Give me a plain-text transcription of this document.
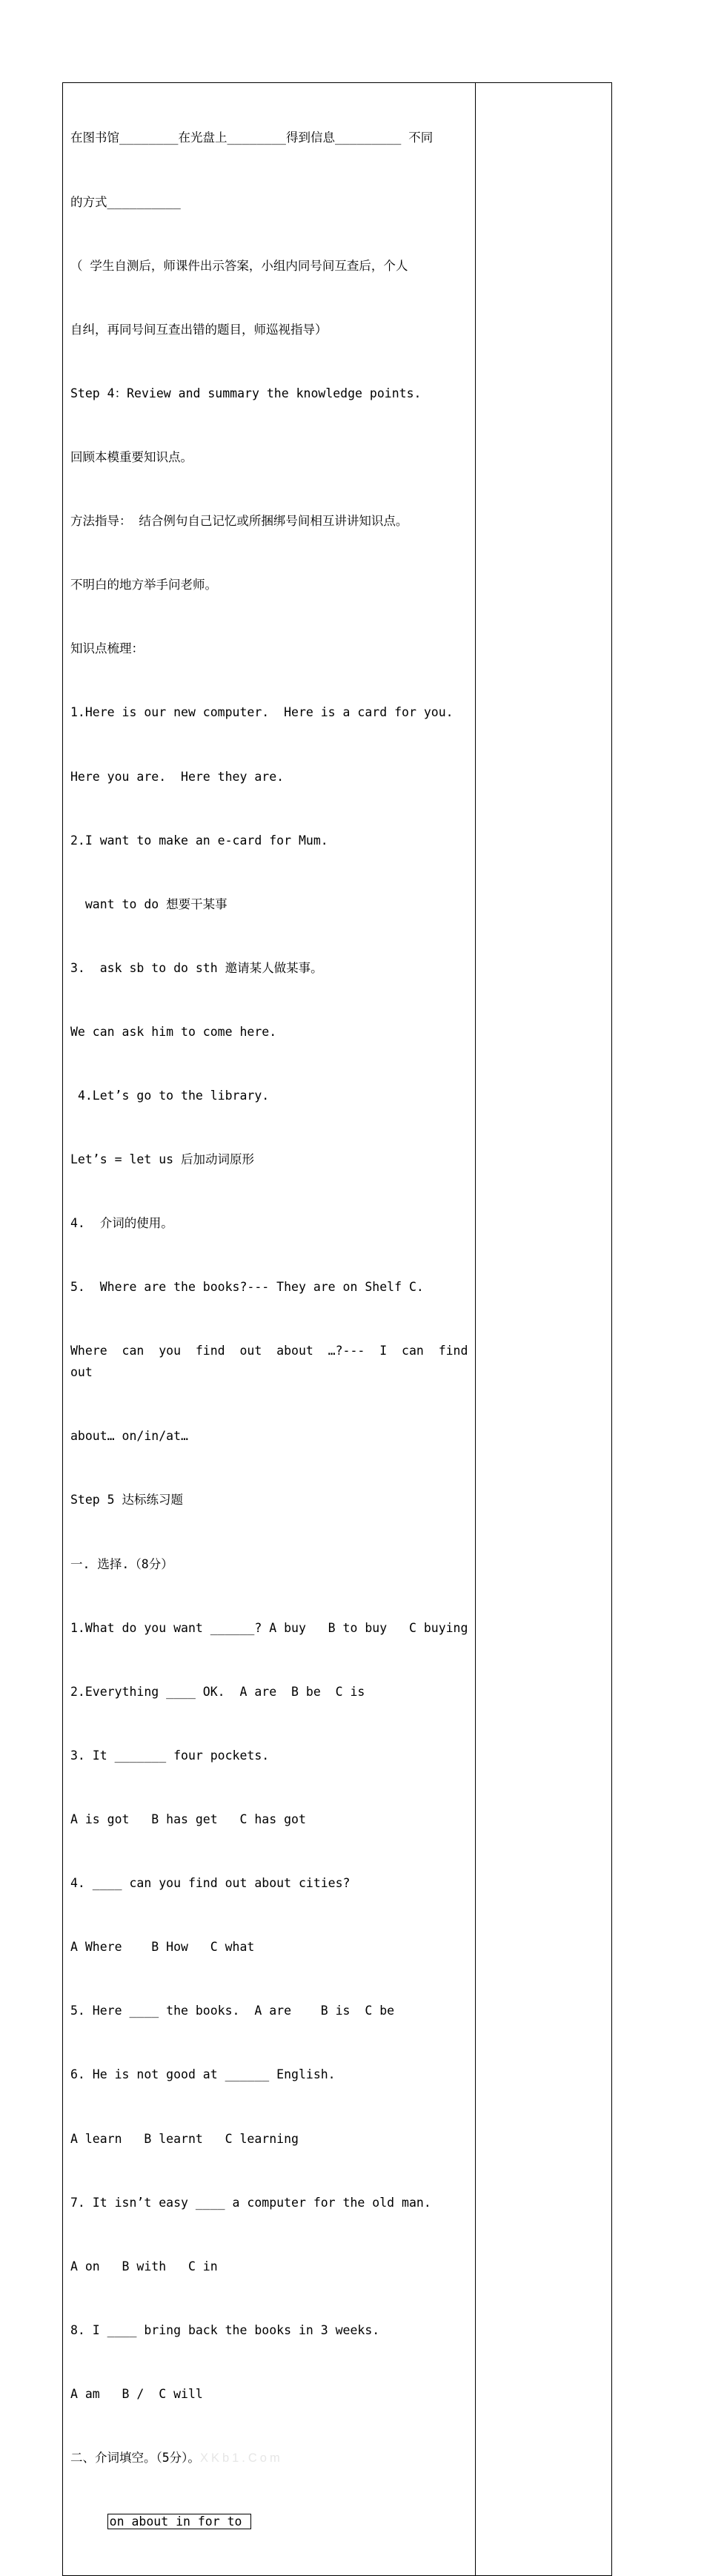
在图书馆________在光盘上________得到信息_________ 不同

的方式__________

（ 学生自测后，师课件出示答案，小组内同号间互查后，个人

自纠，再同号间互查出错的题目，师巡视指导）

Step 4：Review and summary the knowledge points.

回顾本模重要知识点。

方法指导： 结合例句自己记忆或所捆绑号间相互讲讲知识点。

不明白的地方举手问老师。

知识点梳理：

1.Here is our new computer.  Here is a card for you.

Here you are.  Here they are.

2.I want to make an e-card for Mum.

want to do 想要干某事

3.  ask sb to do sth 邀请某人做某事。

We can ask him to come here.

4.Let’s go to the library.

Let’s = let us 后加动词原形

4.  介词的使用。

5.  Where are the books?--- They are on Shelf C.

Where  can  you  find  out  about  …?---  I  can  find  out

about… on/in/at…

Step 5 达标练习题

一. 选择.（8分）

1.What do you want ______? A buy   B to buy   C buying

2.Everything ____ OK.  A are  B be  C is

3. It _______ four pockets.

A is got   B has get   C has got

4. ____ can you find out about cities?

A Where    B How   C what

5. Here ____ the books.  A are    B is  C be

6. He is not good at ______ English.

A learn   B learnt   C learning

7. It isn’t easy ____ a computer for the old man.

A on   B with   C in

8. I ____ bring back the books in 3 weeks.

A am   B /  C will

二、介词填空。（5分）。XKb1.Com

on about in for to
